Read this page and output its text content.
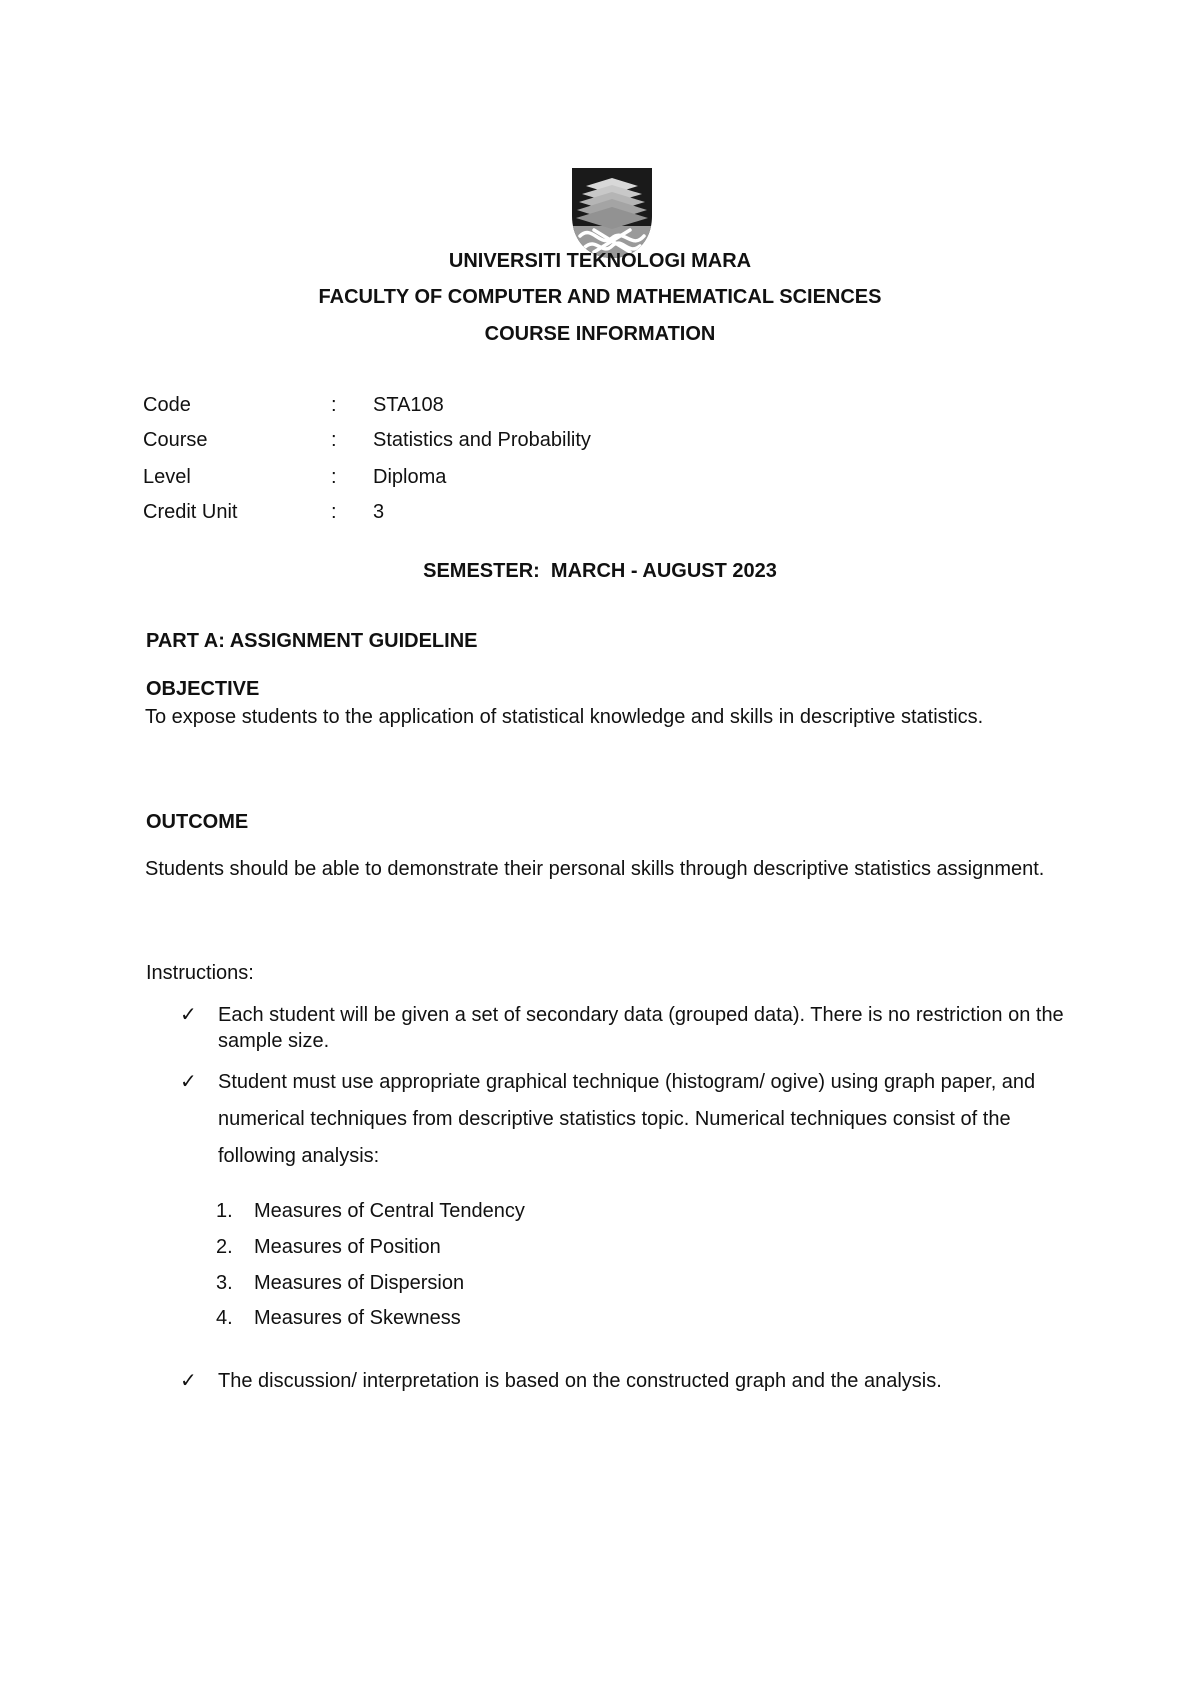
UNIVERSITI TEKNOLOGI MARA
FACULTY OF COMPUTER AND MATHEMATICAL SCIENCES
COURSE INFORMATION
Code	: STA108
Course	: Statistics and Probability
Level	: Diploma
Credit Unit	: 3
SEMESTER:  MARCH - AUGUST 2023
PART A: ASSIGNMENT GUIDELINE
OBJECTIVE
To expose students to the application of statistical knowledge and skills in descriptive statistics.
OUTCOME
Students should be able to demonstrate their personal skills through descriptive statistics assignment.
Instructions:
✓	Each student will be given a set of secondary data (grouped data). There is no restriction on the sample size.
✓	Student must use appropriate graphical technique (histogram/ ogive) using graph paper, and numerical techniques from descriptive statistics topic. Numerical techniques consist of the following analysis:
1.	Measures of Central Tendency
2.	Measures of Position
3.	Measures of Dispersion
4.	Measures of Skewness
✓	The discussion/ interpretation is based on the constructed graph and the analysis.
